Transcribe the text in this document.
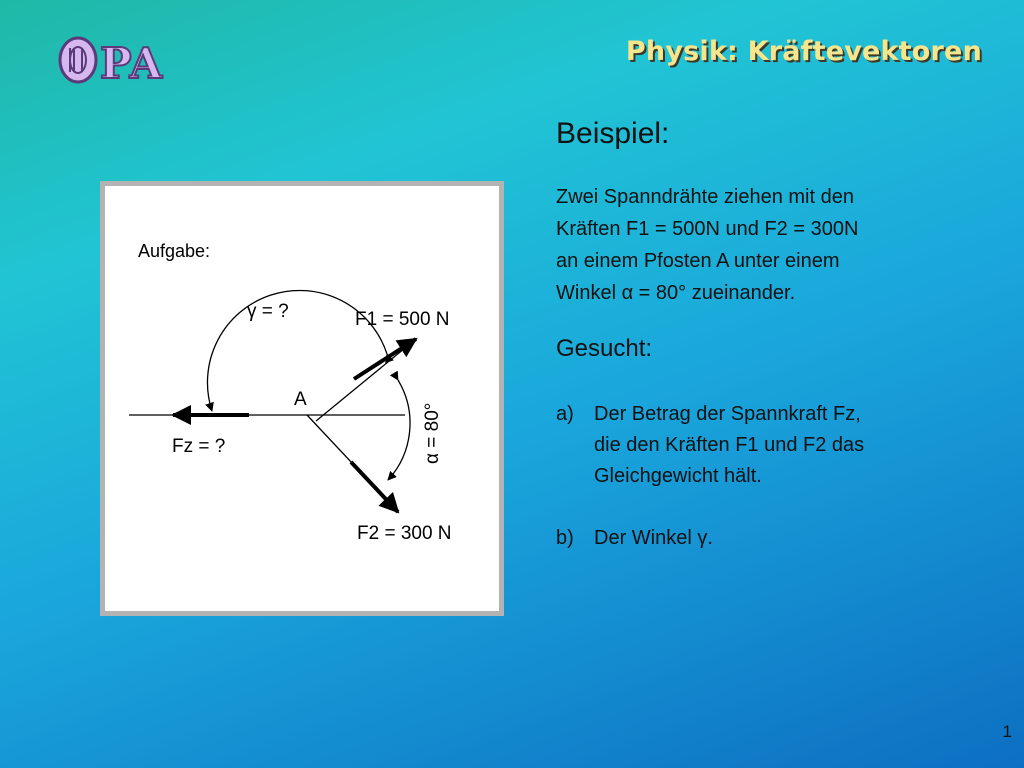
PA	Physik: Kräftevektoren
Beispiel:
Zwei Spanndrähte ziehen mit den
Kräften F1 = 500N und F2 = 300N
an einem Pfosten A unter einem
Winkel α = 80° zueinander.
Gesucht:
a)	Der Betrag der Spannkraft Fz,
die den Kräften F1 und F2 das
Gleichgewicht hält.
b)	Der Winkel γ.
Aufgabe:
γ = ?	F1 = 500 N
A
α = 80°
Fz = ?
F2 = 300 N
1
